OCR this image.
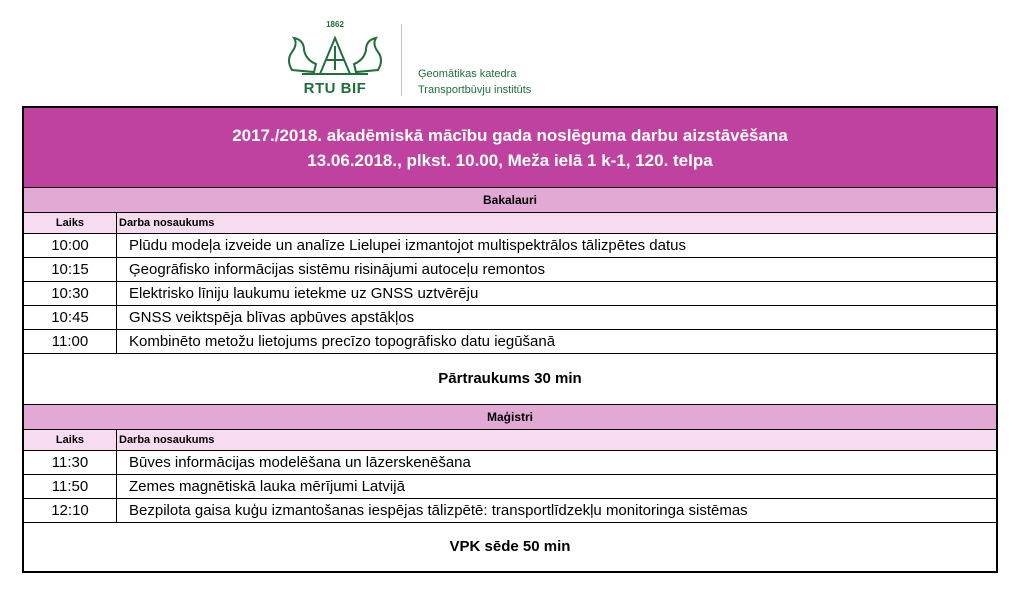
1862
RTU BIF
Ģeomātikas katedra
Transportbūvju institūts
2017./2018. akadēmiskā mācību gada noslēguma darbu aizstāvēšana
13.06.2018., plkst. 10.00, Meža ielā 1 k-1, 120. telpa
Bakalauri
Laiks	Darba nosaukums
10:00	Plūdu modeļa izveide un analīze Lielupei izmantojot multispektrālos tālizpētes datus
10:15	Ģeogrāfisko informācijas sistēmu risinājumi autoceļu remontos
10:30	Elektrisko līniju laukumu ietekme uz GNSS uztvērēju
10:45	GNSS veiktspēja blīvas apbūves apstākļos
11:00	Kombinēto metožu lietojums precīzo topogrāfisko datu iegūšanā
Pārtraukums 30 min
Maģistri
Laiks	Darba nosaukums
11:30	Būves informācijas modelēšana un lāzerskenēšana
11:50	Zemes magnētiskā lauka mērījumi Latvijā
12:10	Bezpilota gaisa kuģu izmantošanas iespējas tālizpētē: transportlīdzekļu monitoringa sistēmas
VPK sēde 50 min
